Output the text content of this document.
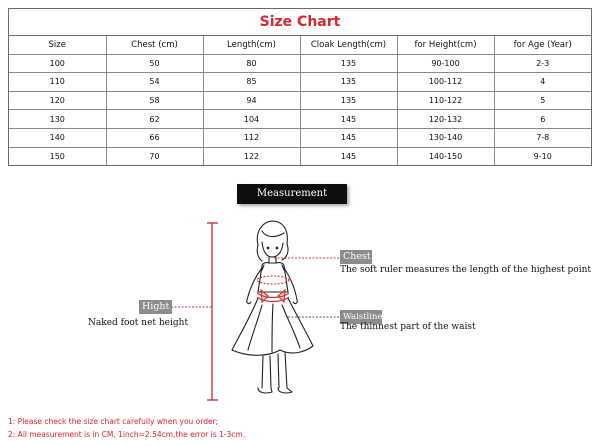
Size Chart
Size	Chest (cm)	Length(cm)	Cloak Length(cm)	for Height(cm)	for Age (Year)
100	50	80	135	90-100	2-3
110	54	85	135	100-112	4
120	58	94	135	110-122	5
130	62	104	145	120-132	6
140	66	112	145	130-140	7-8
150	70	122	145	140-150	9-10
Measurement Method
Hight
Naked foot net height
Chest
The soft ruler measures the length of the highest point
Waistline
The thinnest part of the waist
1: Please check the size chart carefully when you order;
2: All measurement is in CM, 1inch=2.54cm,the error is 1-3cm.
